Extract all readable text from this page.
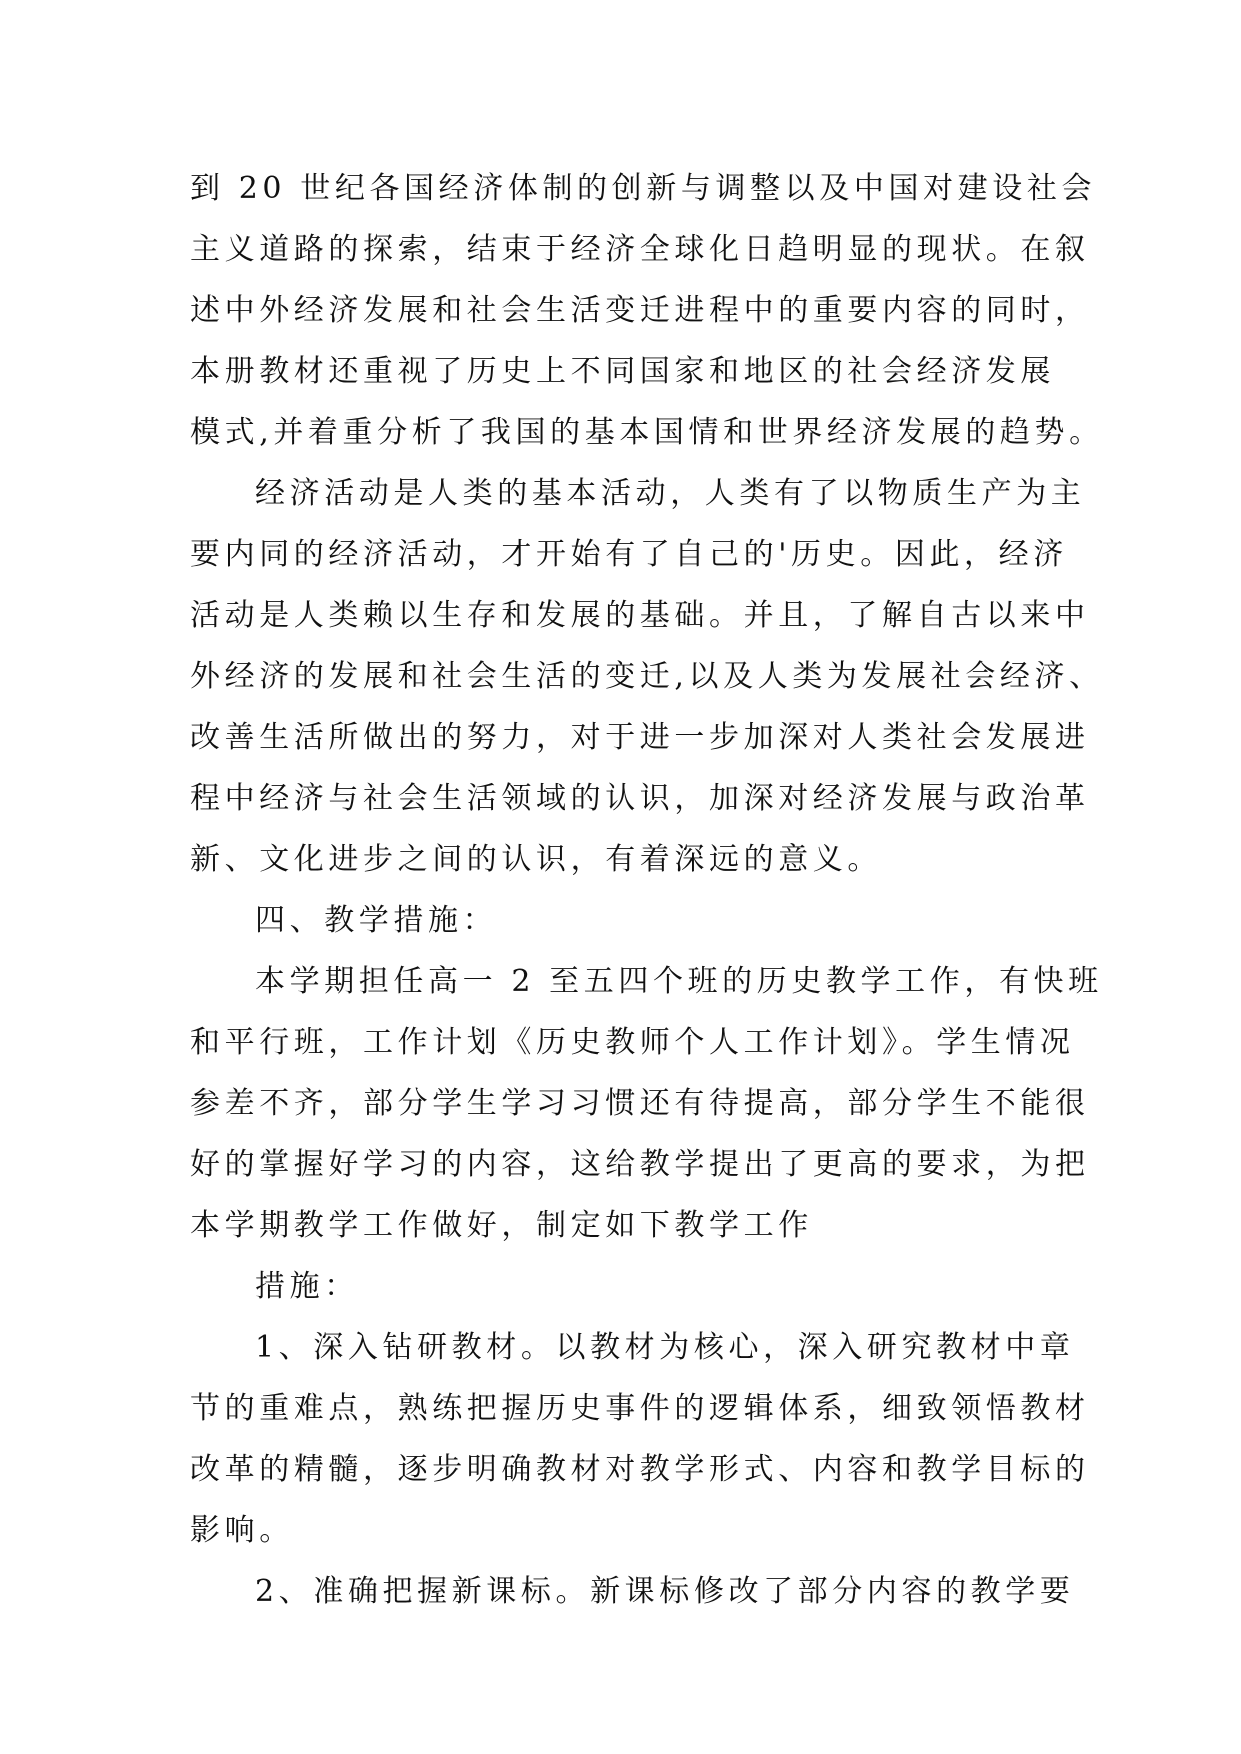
到 20 世纪各国经济体制的创新与调整以及中国对建设社会
主义道路的探索，结束于经济全球化日趋明显的现状。在叙
述中外经济发展和社会生活变迁进程中的重要内容的同时，
本册教材还重视了历史上不同国家和地区的社会经济发展
模式,并着重分析了我国的基本国情和世界经济发展的趋势。
经济活动是人类的基本活动，人类有了以物质生产为主
要内同的经济活动，才开始有了自己的'历史。因此，经济
活动是人类赖以生存和发展的基础。并且，了解自古以来中
外经济的发展和社会生活的变迁,以及人类为发展社会经济、
改善生活所做出的努力，对于进一步加深对人类社会发展进
程中经济与社会生活领域的认识，加深对经济发展与政治革
新、文化进步之间的认识，有着深远的意义。
四、教学措施：
本学期担任高一 2 至五四个班的历史教学工作，有快班
和平行班，工作计划《历史教师个人工作计划》。学生情况
参差不齐，部分学生学习习惯还有待提高，部分学生不能很
好的掌握好学习的内容，这给教学提出了更高的要求，为把
本学期教学工作做好，制定如下教学工作
措施：
1、深入钻研教材。以教材为核心，深入研究教材中章
节的重难点，熟练把握历史事件的逻辑体系，细致领悟教材
改革的精髓，逐步明确教材对教学形式、内容和教学目标的
影响。
2、准确把握新课标。新课标修改了部分内容的教学要
